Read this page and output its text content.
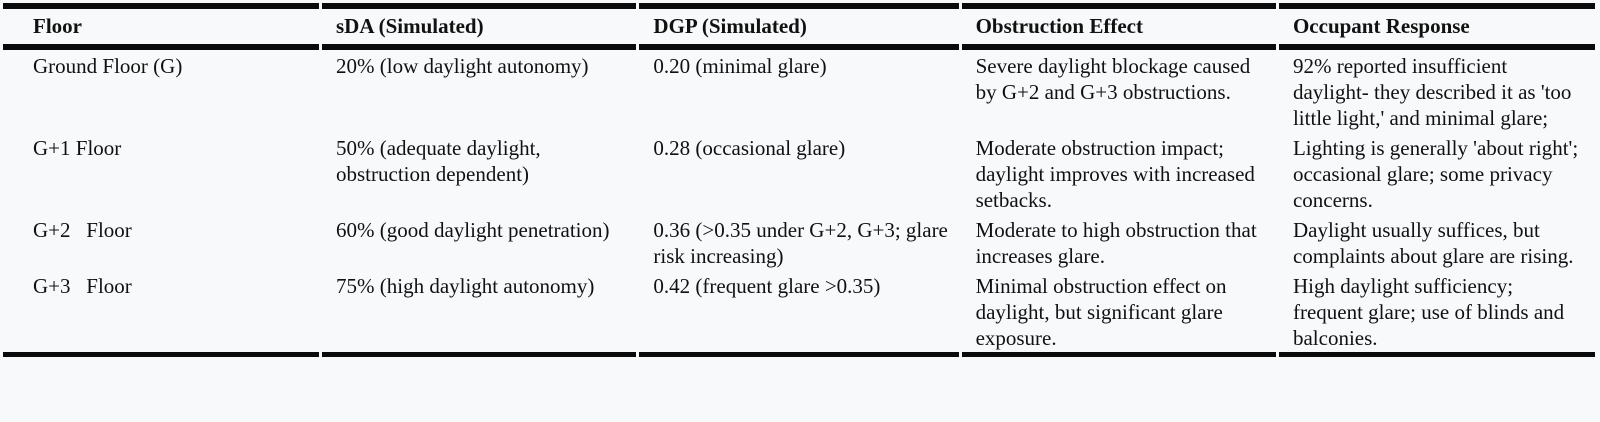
Floor	sDA (Simulated)	DGP (Simulated)	Obstruction Effect	Occupant Response
Ground Floor (G)	20% (low daylight autonomy)	0.20 (minimal glare)	Severe daylight blockage caused by G+2 and G+3 obstructions.	92% reported insufficient daylight- they described it as 'too little light,' and minimal glare;
G+1 Floor	50% (adequate daylight, obstruction dependent)	0.28 (occasional glare)	Moderate obstruction impact; daylight improves with increased setbacks.	Lighting is generally 'about right'; occasional glare; some privacy concerns.
G+2   Floor	60% (good daylight penetration)	0.36 (>0.35 under G+2, G+3; glare risk increasing)	Moderate to high obstruction that increases glare.	Daylight usually suffices, but complaints about glare are rising.
G+3   Floor	75% (high daylight autonomy)	0.42 (frequent glare >0.35)	Minimal obstruction effect on daylight, but significant glare exposure.	High daylight sufficiency; frequent glare; use of blinds and balconies.
